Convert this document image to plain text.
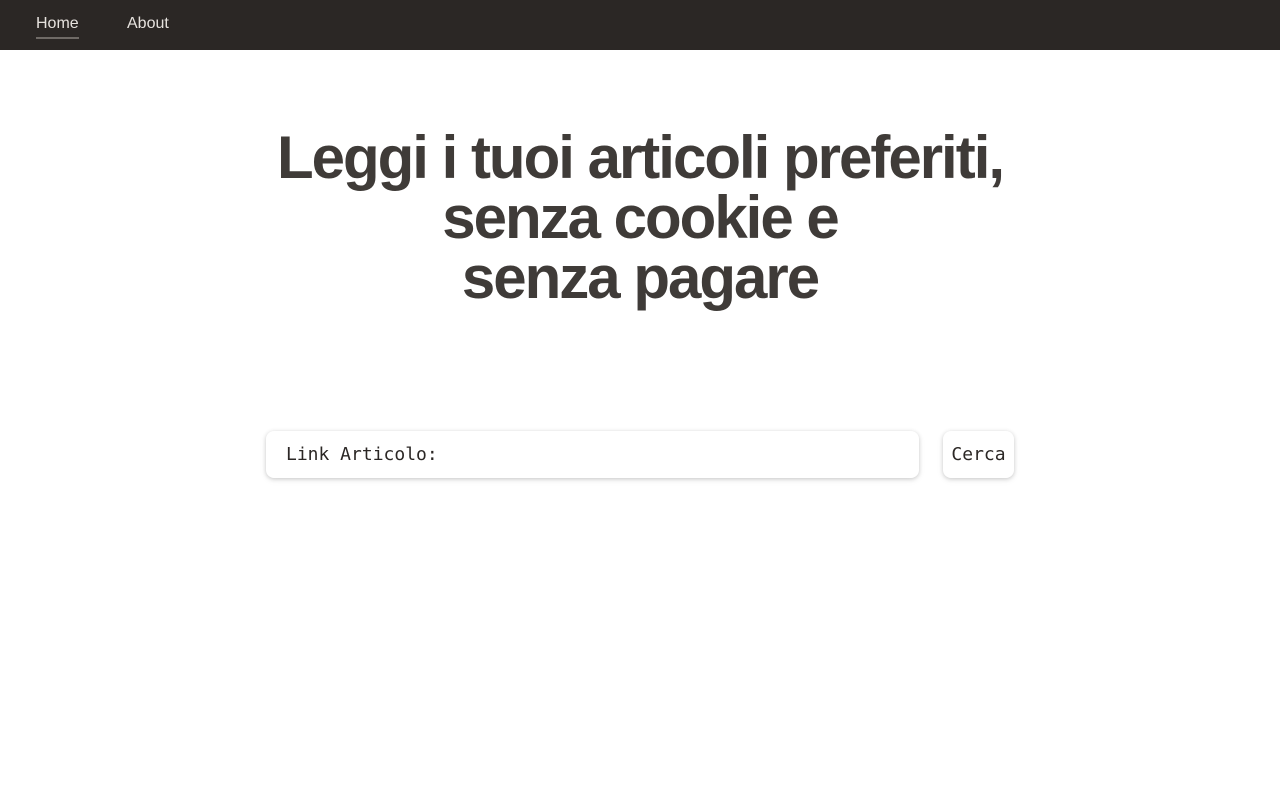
Home	About
Leggi i tuoi articoli preferiti,
senza cookie e
senza pagare
Link Articolo:
Cerca
